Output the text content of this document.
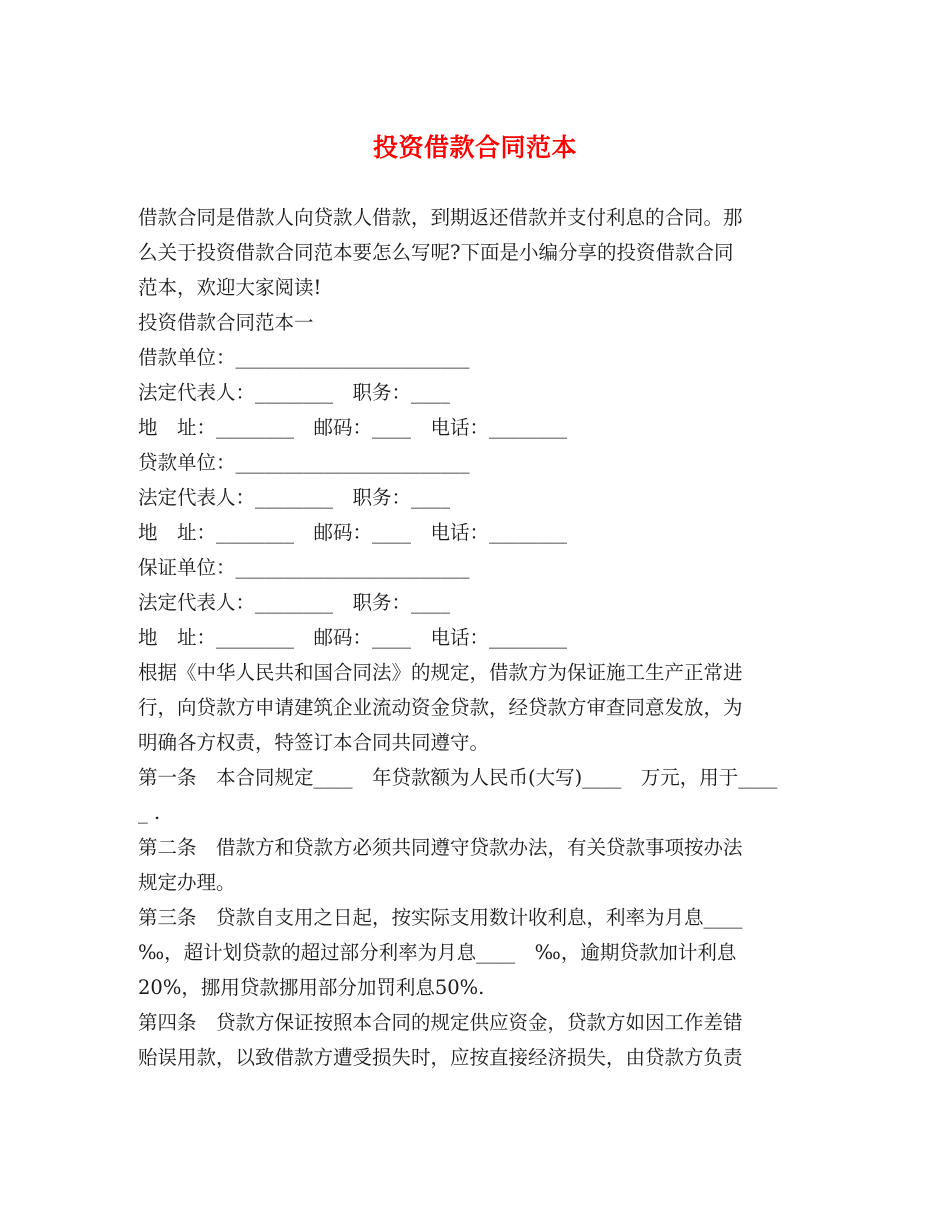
投资借款合同范本
借款合同是借款人向贷款人借款，到期返还借款并支付利息的合同。那
么关于投资借款合同范本要怎么写呢?下面是小编分享的投资借款合同
范本，欢迎大家阅读!
投资借款合同范本一
借款单位：________________________
法定代表人：________　职务：____
地　址：________　邮码：____　电话：________
贷款单位：________________________
法定代表人：________　职务：____
地　址：________　邮码：____　电话：________
保证单位：________________________
法定代表人：________　职务：____
地　址：________　邮码：____　电话：________
根据《中华人民共和国合同法》的规定，借款方为保证施工生产正常进
行，向贷款方申请建筑企业流动资金贷款，经贷款方审查同意发放，为
明确各方权责，特签订本合同共同遵守。
第一条　本合同规定____　年贷款额为人民币(大写)____　万元，用于____
_ .
第二条　借款方和贷款方必须共同遵守贷款办法，有关贷款事项按办法
规定办理。
第三条　贷款自支用之日起，按实际支用数计收利息，利率为月息____
‰，超计划贷款的超过部分利率为月息____　‰，逾期贷款加计利息
20%，挪用贷款挪用部分加罚利息50%.
第四条　贷款方保证按照本合同的规定供应资金，贷款方如因工作差错
贻误用款，以致借款方遭受损失时，应按直接经济损失，由贷款方负责
